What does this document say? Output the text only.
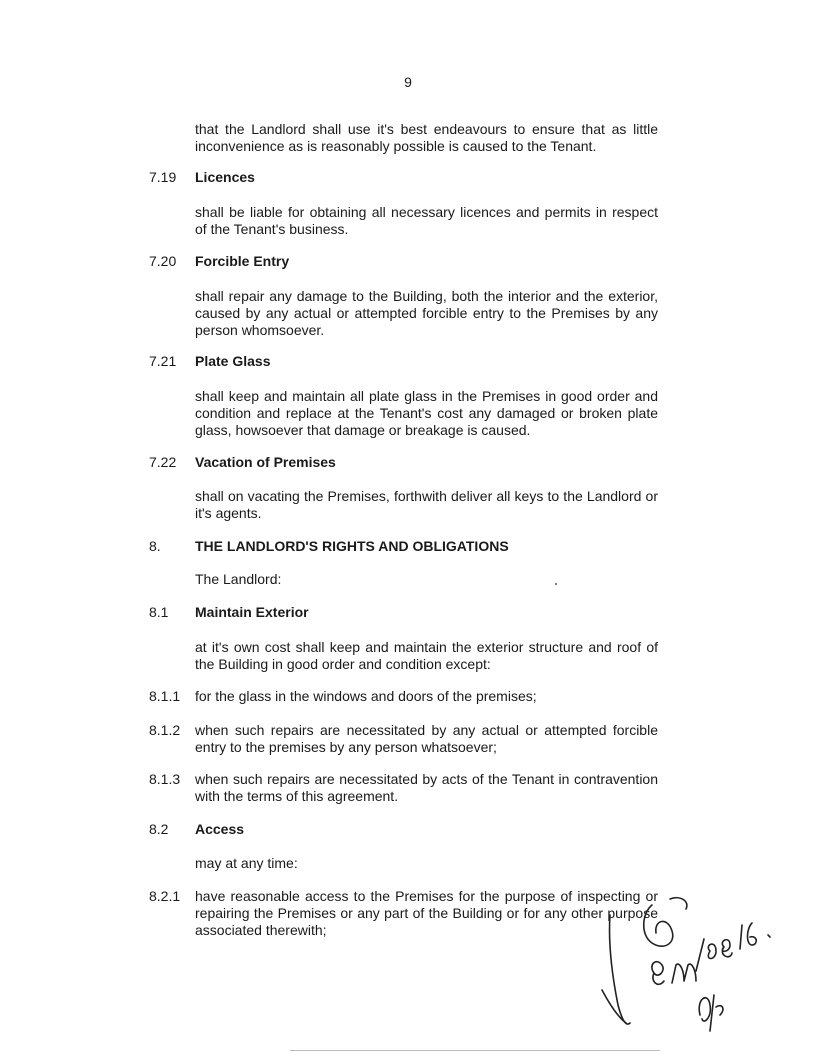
9
that the Landlord shall use it's best endeavours to ensure that as little inconvenience as is reasonably possible is caused to the Tenant.
7.19	Licences
shall be liable for obtaining all necessary licences and permits in respect of the Tenant's business.
7.20	Forcible Entry
shall repair any damage to the Building, both the interior and the exterior, caused by any actual or attempted forcible entry to the Premises by any person whomsoever.
7.21	Plate Glass
shall keep and maintain all plate glass in the Premises in good order and condition and replace at the Tenant's cost any damaged or broken plate glass, howsoever that damage or breakage is caused.
7.22	Vacation of Premises
shall on vacating the Premises, forthwith deliver all keys to the Landlord or it's agents.
8.	THE LANDLORD'S RIGHTS AND OBLIGATIONS
The Landlord:
8.1	Maintain Exterior
at it's own cost shall keep and maintain the exterior structure and roof of the Building in good order and condition except:
8.1.1	for the glass in the windows and doors of the premises;
8.1.2	when such repairs are necessitated by any actual or attempted forcible entry to the premises by any person whatsoever;
8.1.3	when such repairs are necessitated by acts of the Tenant in contravention with the terms of this agreement.
8.2	Access
may at any time:
8.2.1	have reasonable access to the Premises for the purpose of inspecting or repairing the Premises or any part of the Building or for any other purpose associated therewith;
